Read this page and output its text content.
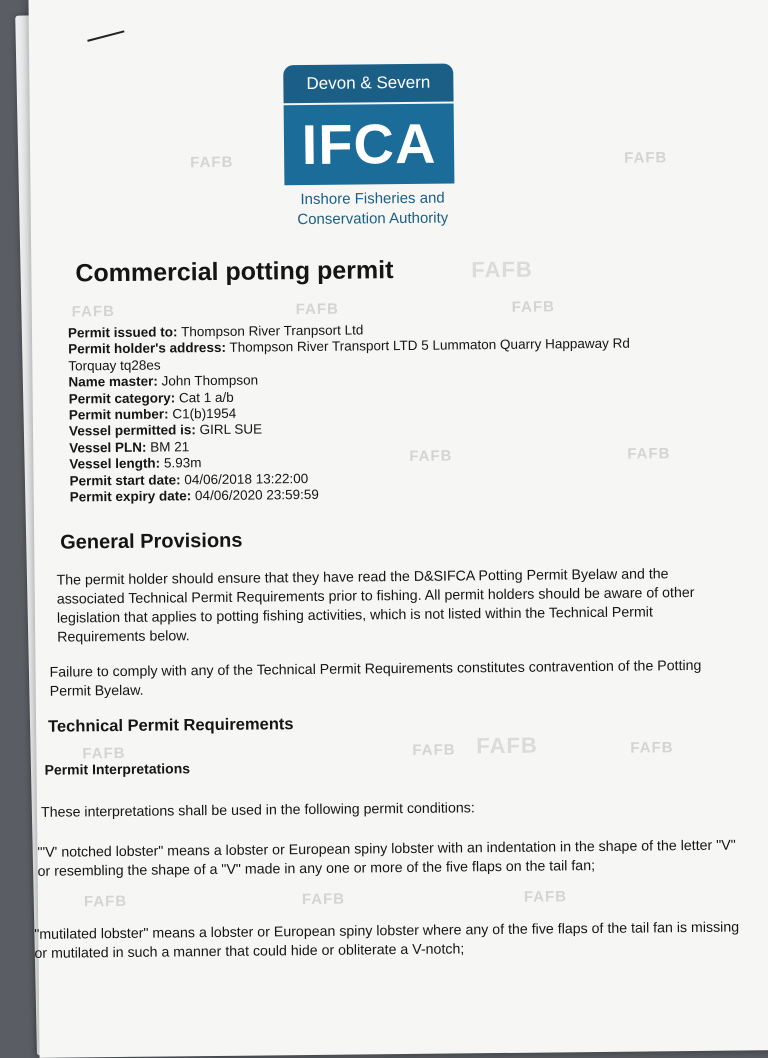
Devon & Severn
IFCA
Inshore Fisheries and
Conservation Authority
FAFB	FAFB
FAFB	FAFB	FAFB
FAFB
FAFB	FAFB
FAFB	FAFB	FAFB
FAFB
FAFB	FAFB
FAFB
Commercial potting permit
Permit issued to: Thompson River Tranpsort Ltd
Permit holder's address: Thompson River Transport LTD 5 Lummaton Quarry Happaway Rd
Torquay tq28es
Name master: John Thompson
Permit category: Cat 1 a/b
Permit number: C1(b)1954
Vessel permitted is: GIRL SUE
Vessel PLN: BM 21
Vessel length: 5.93m
Permit start date: 04/06/2018 13:22:00
Permit expiry date: 04/06/2020 23:59:59
General Provisions
The permit holder should ensure that they have read the D&SIFCA Potting Permit Byelaw and the associated Technical Permit Requirements prior to fishing. All permit holders should be aware of other legislation that applies to potting fishing activities, which is not listed within the Technical Permit Requirements below.
Failure to comply with any of the Technical Permit Requirements constitutes contravention of the Potting Permit Byelaw.
Technical Permit Requirements
Permit Interpretations
These interpretations shall be used in the following permit conditions:
"'V' notched lobster" means a lobster or European spiny lobster with an indentation in the shape of the letter "V" or resembling the shape of a "V" made in any one or more of the five flaps on the tail fan;
"mutilated lobster" means a lobster or European spiny lobster where any of the five flaps of the tail fan is missing or mutilated in such a manner that could hide or obliterate a V-notch;
